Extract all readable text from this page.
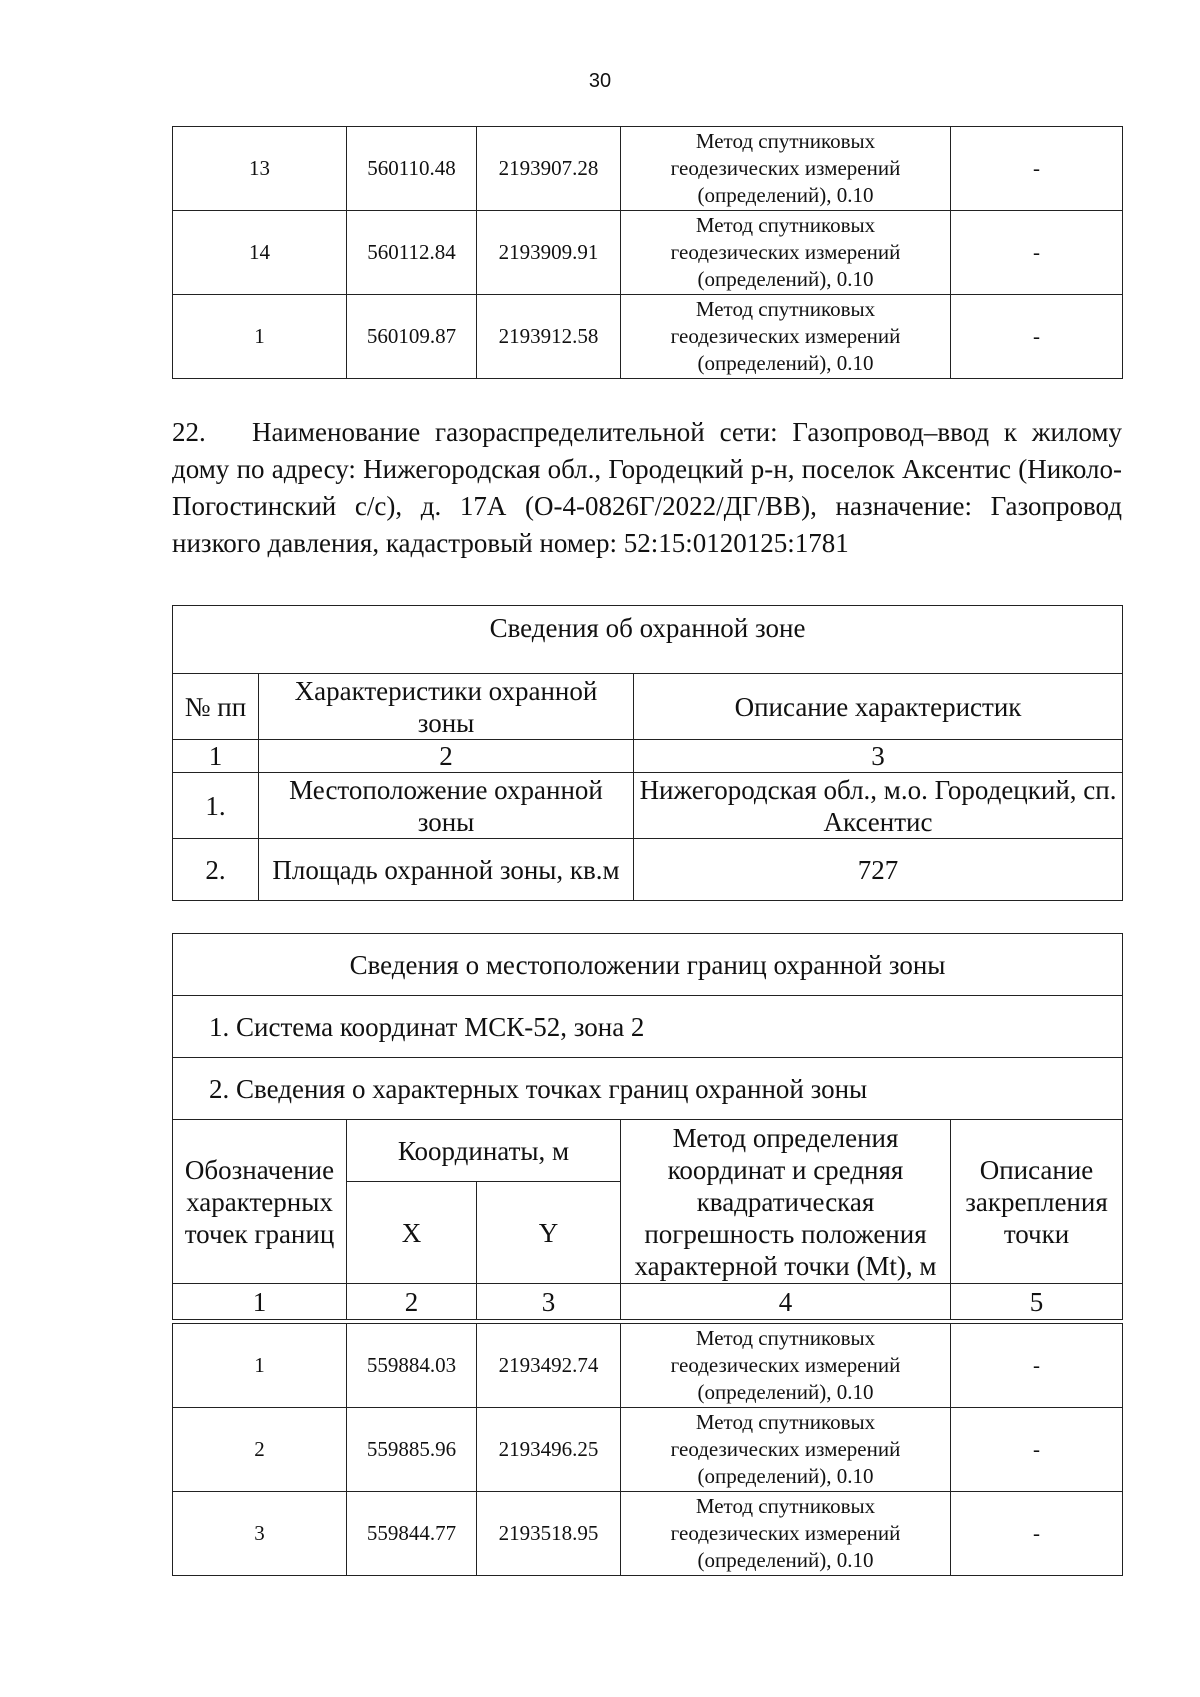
30
13	560110.48	2193907.28	Метод спутниковых
геодезических измерений
(определений), 0.10	-
14	560112.84	2193909.91	Метод спутниковых
геодезических измерений
(определений), 0.10	-
1	560109.87	2193912.58	Метод спутниковых
геодезических измерений
(определений), 0.10	-
22. Наименование газораспределительной сети: Газопровод–ввод к жилому дому по адресу: Нижегородская обл., Городецкий р-н, поселок Аксентис (Николо-Погостинский с/с), д. 17А (О-4-0826Г/2022/ДГ/ВВ), назначение: Газопровод низкого давления, кадастровый номер: 52:15:0120125:1781
Сведения об охранной зоне		
№ пп	Характеристики охранной зоны	Описание характеристик
1	2	3
1.	Местоположение охранной зоны	Нижегородская обл., м.о. Городецкий, сп. Аксентис
2.	Площадь охранной зоны, кв.м	727
Сведения о местоположении границ охранной зоны				
1. Система координат МСК-52, зона 2				
2. Сведения о характерных точках границ охранной зоны				
Обозначение характерных точек границ	Координаты, м		Метод определения координат и средняя квадратическая погрешность положения характерной точки (Mt), м	Описание закрепления точки
	X	Y		
1	2	3	4	5
1	559884.03	2193492.74	Метод спутниковых
геодезических измерений
(определений), 0.10	-
2	559885.96	2193496.25	Метод спутниковых
геодезических измерений
(определений), 0.10	-
3	559844.77	2193518.95	Метод спутниковых
геодезических измерений
(определений), 0.10	-
